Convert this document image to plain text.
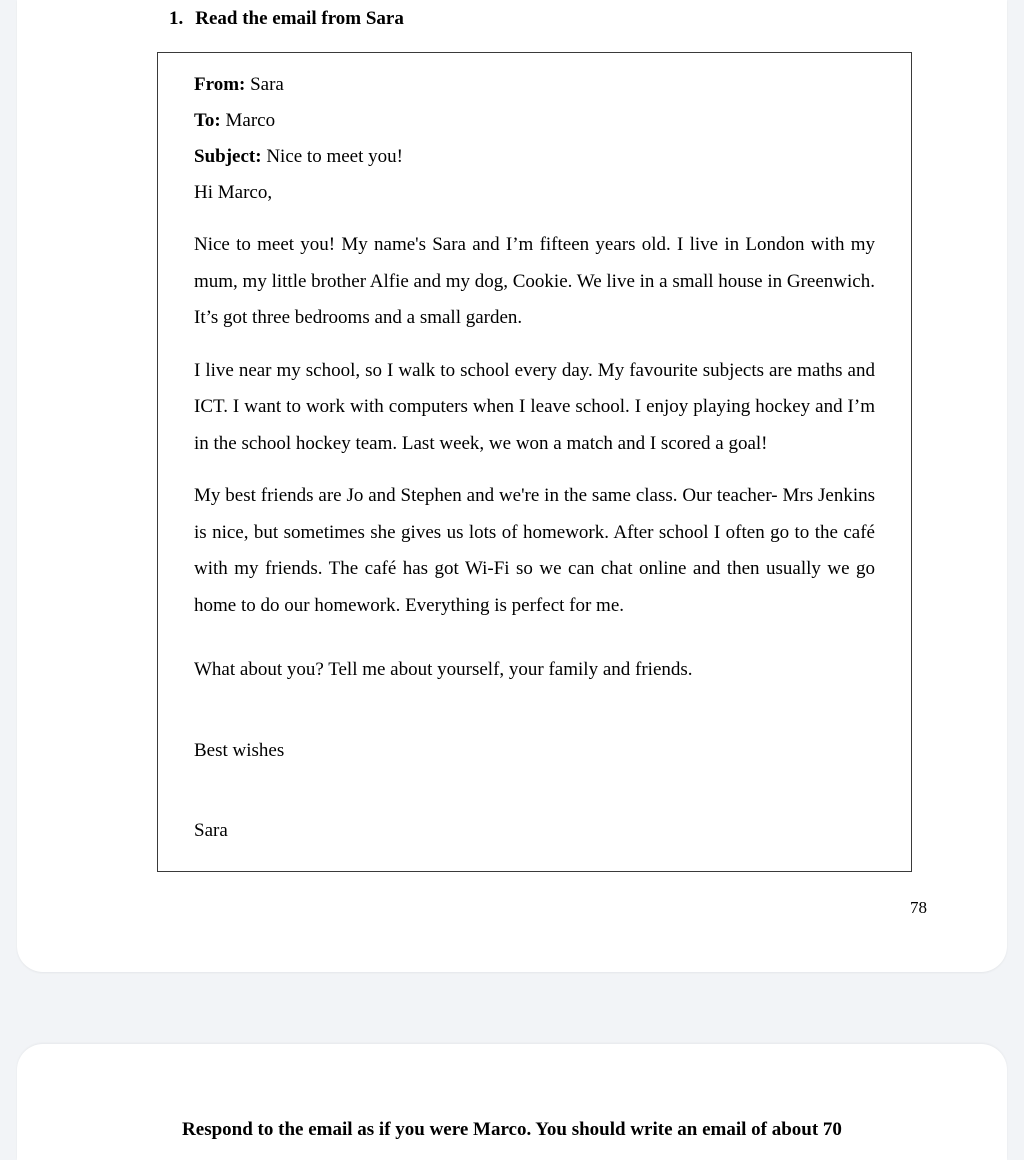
1. Read the email from Sara
From: Sara
To: Marco
Subject: Nice to meet you!
Hi Marco,
Nice to meet you! My name's Sara and I’m fifteen years old. I live in London with my mum, my little brother Alfie and my dog, Cookie. We live in a small house in Greenwich. It’s got three bedrooms and a small garden.
I live near my school, so I walk to school every day. My favourite subjects are maths and ICT. I want to work with computers when I leave school. I enjoy playing hockey and I’m in the school hockey team. Last week, we won a match and I scored a goal!
My best friends are Jo and Stephen and we're in the same class. Our teacher- Mrs Jenkins is nice, but sometimes she gives us lots of homework. After school I often go to the café with my friends. The café has got Wi-Fi so we can chat online and then usually we go home to do our homework. Everything is perfect for me.
What about you? Tell me about yourself, your family and friends.
Best wishes
Sara
78
Respond to the email as if you were Marco. You should write an email of about 70
